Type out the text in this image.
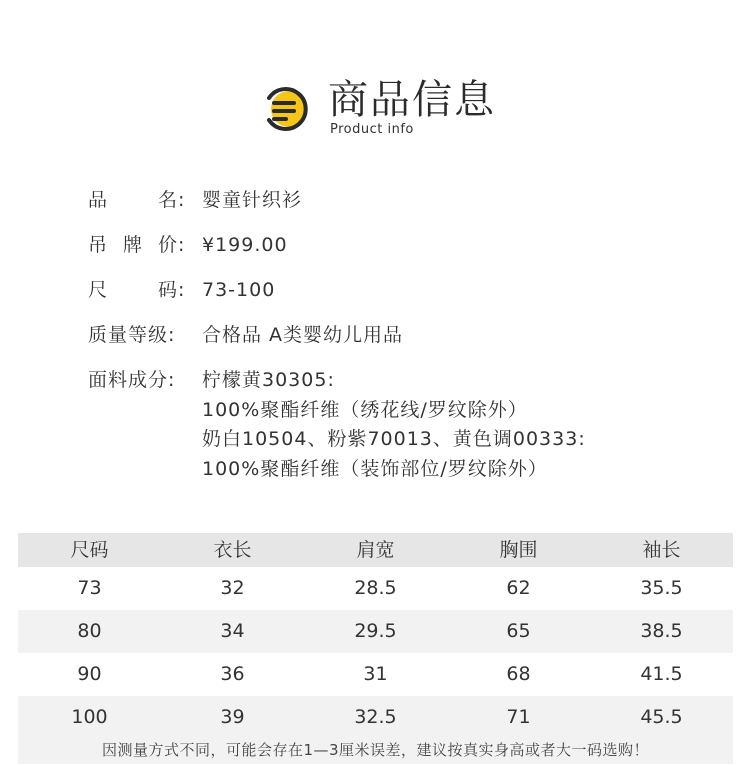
商品信息
Product info
品名: 婴童针织衫
吊牌价: ¥199.00
尺码: 73-100
质量等级:	合格品 A类婴幼儿用品
面料成分:	柠檬黄30305:
100%聚酯纤维（绣花线/罗纹除外）
奶白10504、粉紫70013、黄色调00333:
100%聚酯纤维（装饰部位/罗纹除外）
尺码	衣长	肩宽	胸围	袖长
73	32	28.5	62	35.5
80	34	29.5	65	38.5
90	36	31	68	41.5
100	39	32.5	71	45.5
因测量方式不同，可能会存在1—3厘米误差，建议按真实身高或者大一码选购！
